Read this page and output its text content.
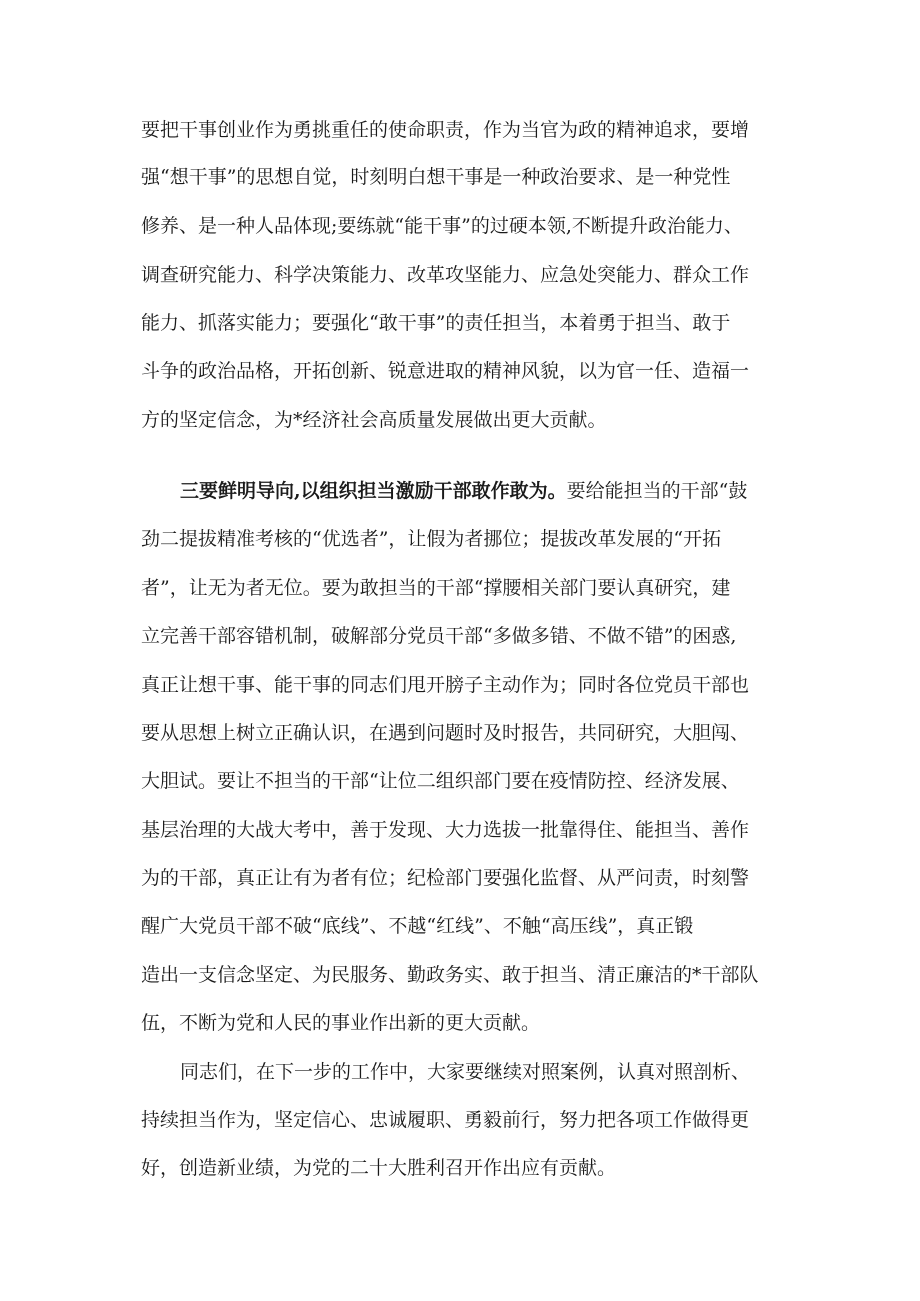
要把干事创业作为勇挑重任的使命职责，作为当官为政的精神追求，要增
强“想干事”的思想自觉，时刻明白想干事是一种政治要求、是一种党性
修养、是一种人品体现;要练就“能干事”的过硬本领,不断提升政治能力、
调查研究能力、科学决策能力、改革攻坚能力、应急处突能力、群众工作
能力、抓落实能力；要强化“敢干事”的责任担当，本着勇于担当、敢于
斗争的政治品格，开拓创新、锐意进取的精神风貌，以为官一任、造福一
方的坚定信念，为*经济社会高质量发展做出更大贡献。
三要鲜明导向,以组织担当激励干部敢作敢为。要给能担当的干部“鼓
劲二提拔精准考核的“优选者”，让假为者挪位；提拔改革发展的“开拓
者”，让无为者无位。要为敢担当的干部“撑腰相关部门要认真研究，建
立完善干部容错机制，破解部分党员干部“多做多错、不做不错”的困惑,
真正让想干事、能干事的同志们甩开膀子主动作为；同时各位党员干部也
要从思想上树立正确认识，在遇到问题时及时报告，共同研究，大胆闯、
大胆试。要让不担当的干部“让位二组织部门要在疫情防控、经济发展、
基层治理的大战大考中，善于发现、大力选拔一批靠得住、能担当、善作
为的干部，真正让有为者有位；纪检部门要强化监督、从严问责，时刻警
醒广大党员干部不破“底线”、不越“红线”、不触“高压线”，真正锻
造出一支信念坚定、为民服务、勤政务实、敢于担当、清正廉洁的*干部队
伍，不断为党和人民的事业作出新的更大贡献。
同志们，在下一步的工作中，大家要继续对照案例，认真对照剖析、
持续担当作为，坚定信心、忠诚履职、勇毅前行，努力把各项工作做得更
好，创造新业绩，为党的二十大胜利召开作出应有贡献。
